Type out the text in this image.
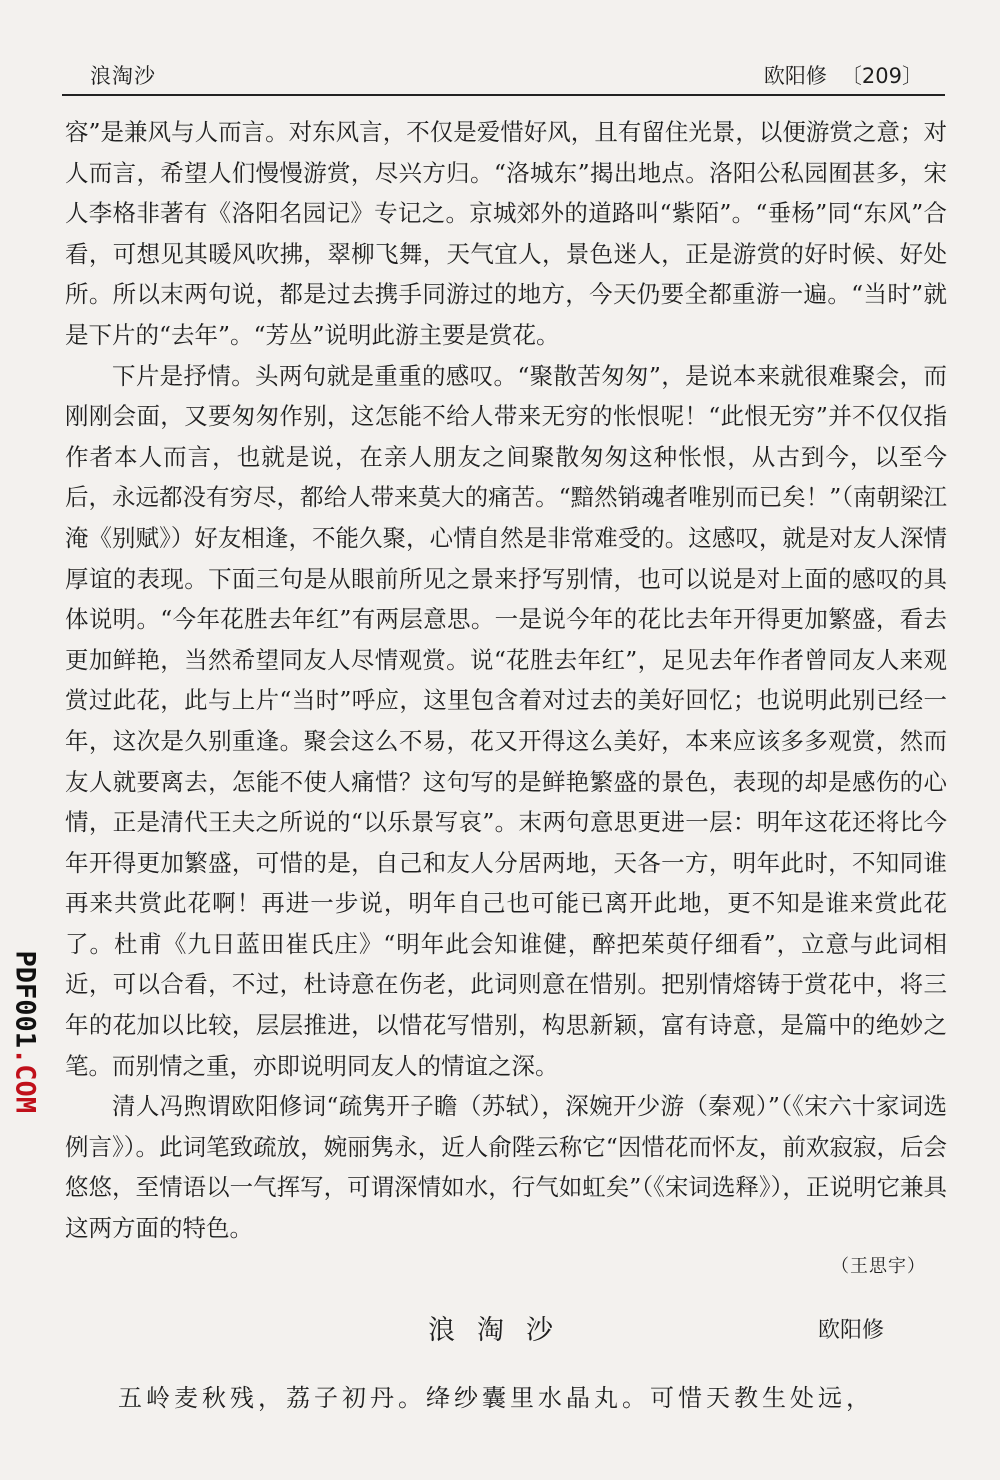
浪淘沙	欧阳修 〔209〕

容”是兼风与人而言。对东风言，不仅是爱惜好风，且有留住光景，以便游赏之意；对人而言，希望人们慢慢游赏，尽兴方归。“洛城东”揭出地点。洛阳公私园囿甚多，宋人李格非著有《洛阳名园记》专记之。京城郊外的道路叫“紫陌”。“垂杨”同“东风”合看，可想见其暖风吹拂，翠柳飞舞，天气宜人，景色迷人，正是游赏的好时候、好处所。所以末两句说，都是过去携手同游过的地方，今天仍要全都重游一遍。“当时”就是下片的“去年”。“芳丛”说明此游主要是赏花。

下片是抒情。头两句就是重重的感叹。“聚散苦匆匆”，是说本来就很难聚会，而刚刚会面，又要匆匆作别，这怎能不给人带来无穷的怅恨呢！“此恨无穷”并不仅仅指作者本人而言，也就是说，在亲人朋友之间聚散匆匆这种怅恨，从古到今，以至今后，永远都没有穷尽，都给人带来莫大的痛苦。“黯然销魂者唯别而已矣！”（南朝梁江淹《别赋》）好友相逢，不能久聚，心情自然是非常难受的。这感叹，就是对友人深情厚谊的表现。下面三句是从眼前所见之景来抒写别情，也可以说是对上面的感叹的具体说明。“今年花胜去年红”有两层意思。一是说今年的花比去年开得更加繁盛，看去更加鲜艳，当然希望同友人尽情观赏。说“花胜去年红”，足见去年作者曾同友人来观赏过此花，此与上片“当时”呼应，这里包含着对过去的美好回忆；也说明此别已经一年，这次是久别重逢。聚会这么不易，花又开得这么美好，本来应该多多观赏，然而友人就要离去，怎能不使人痛惜？这句写的是鲜艳繁盛的景色，表现的却是感伤的心情，正是清代王夫之所说的“以乐景写哀”。末两句意思更进一层：明年这花还将比今年开得更加繁盛，可惜的是，自己和友人分居两地，天各一方，明年此时，不知同谁再来共赏此花啊！再进一步说，明年自己也可能已离开此地，更不知是谁来赏此花了。杜甫《九日蓝田崔氏庄》“明年此会知谁健，醉把茱萸仔细看”，立意与此词相近，可以合看，不过，杜诗意在伤老，此词则意在惜别。把别情熔铸于赏花中，将三年的花加以比较，层层推进，以惜花写惜别，构思新颖，富有诗意，是篇中的绝妙之笔。而别情之重，亦即说明同友人的情谊之深。

清人冯煦谓欧阳修词“疏隽开子瞻（苏轼），深婉开少游（秦观）”（《宋六十家词选例言》）。此词笔致疏放，婉丽隽永，近人俞陛云称它“因惜花而怀友，前欢寂寂，后会悠悠，至情语以一气挥写，可谓深情如水，行气如虹矣”（《宋词选释》），正说明它兼具这两方面的特色。

（王思宇）
浪淘沙	欧阳修
五岭麦秋残，荔子初丹。绛纱囊里水晶丸。可惜天教生处远，
PDF001.COM
